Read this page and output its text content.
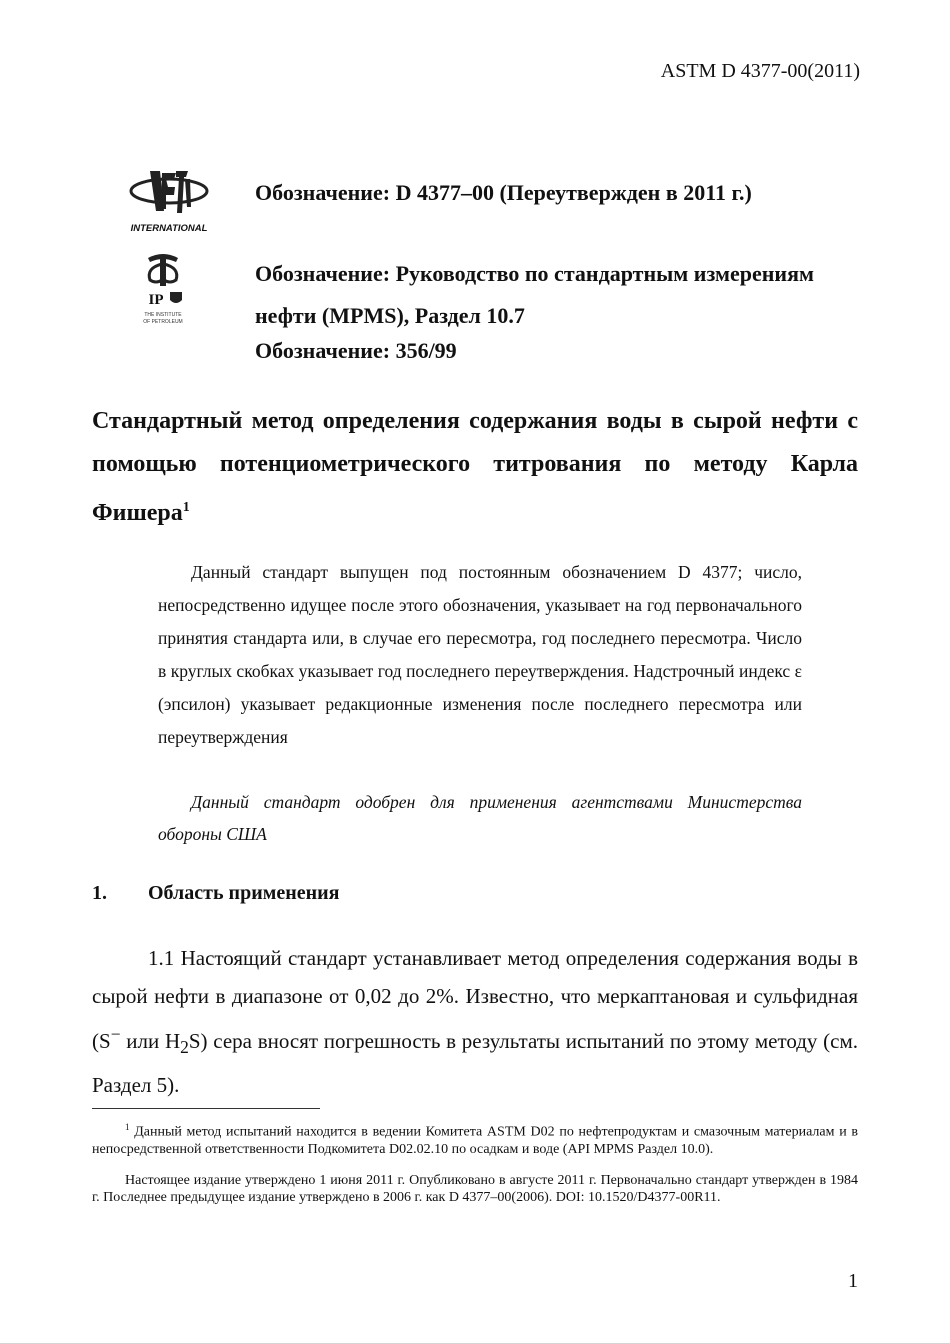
ASTM D 4377-00(2011)
INTERNATIONAL
IP
THE INSTITUTE
OF PETROLEUM
Обозначение: D 4377–00 (Переутвержден в 2011 г.)
Обозначение: Руководство по стандартным измерениям нефти (MPMS), Раздел 10.7
Обозначение: 356/99
Стандартный метод определения содержания воды в сырой нефти с помощью потенциометрического титрования по методу Карла Фишера$^1$
Данный стандарт выпущен под постоянным обозначением D 4377; число, непосредственно идущее после этого обозначения, указывает на год первоначального принятия стандарта или, в случае его пересмотра, год последнего пересмотра. Число в круглых скобках указывает год последнего переутверждения. Надстрочный индекс ε (эпсилон) указывает редакционные изменения после последнего пересмотра или переутверждения
Данный стандарт одобрен для применения агентствами Министерства обороны США
1. Область применения
1.1 Настоящий стандарт устанавливает метод определения содержания воды в сырой нефти в диапазоне от 0,02 до 2%. Известно, что меркаптановая и сульфидная (S− или $H_2S$) сера вносят погрешность в результаты испытаний по этому методу (см. Раздел 5).
$^1$ Данный метод испытаний находится в ведении Комитета ASTM D02 по нефтепродуктам и смазочным материалам и в непосредственной ответственности Подкомитета D02.02.10 по осадкам и воде (API MPMS Раздел 10.0).
Настоящее издание утверждено 1 июня 2011 г. Опубликовано в августе 2011 г. Первоначально стандарт утвержден в 1984 г. Последнее предыдущее издание утверждено в 2006 г. как D 4377–00(2006). DOI: 10.1520/D4377-00R11.
1
